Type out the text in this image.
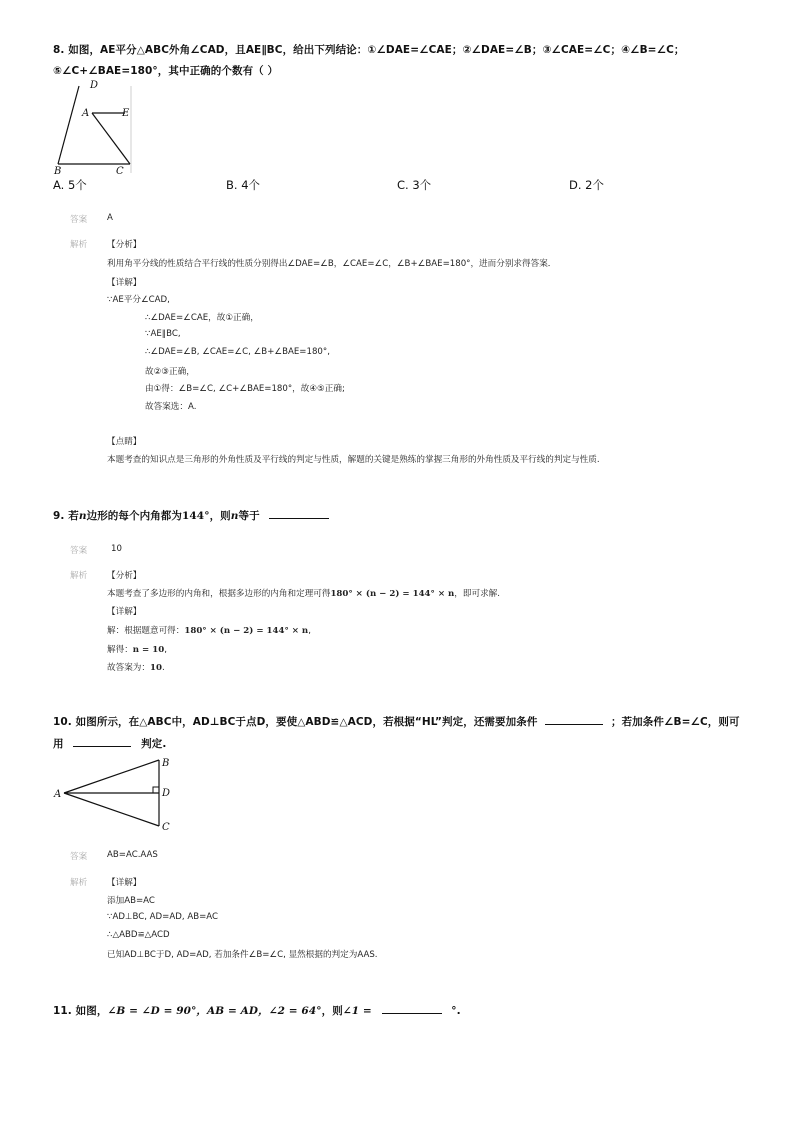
8. 如图，AE平分△ABC外角∠CAD，且AE∥BC，给出下列结论：①∠DAE=∠CAE；②∠DAE=∠B；③∠CAE=∠C；④∠B=∠C；
⑤∠C+∠BAE=180°，其中正确的个数有（ ）
D
A	E
B	C
A. 5个	B. 4个	C. 3个	D. 2个
答案 A
解析 【分析】
利用角平分线的性质结合平行线的性质分别得出∠DAE=∠B，∠CAE=∠C，∠B+∠BAE=180°，进而分别求得答案．
【详解】
∵AE平分∠CAD,
∴∠DAE=∠CAE，故①正确，
∵AE∥BC,
∴∠DAE=∠B, ∠CAE=∠C, ∠B+∠BAE=180°,
故②③正确，
由①得：∠B=∠C, ∠C+∠BAE=180°，故④⑤正确;
故答案选：A.
【点睛】
本题考查的知识点是三角形的外角性质及平行线的判定与性质，解题的关键是熟练的掌握三角形的外角性质及平行线的判定与性质.
9. 若n边形的每个内角都为144°，则n等于
答案	10
解析 【分析】
本题考查了多边形的内角和，根据多边形的内角和定理可得180° × (n − 2) = 144° × n，即可求解.
【详解】
解：根据题意可得：180° × (n − 2) = 144° × n,
解得：n = 10,
故答案为：10.
10. 如图所示，在△ABC中，AD⊥BC于点D，要使△ABD≌△ACD，若根据“HL”判定，还需要加条件	；若加条件∠B=∠C，则可
用	判定.
A
B
D
C
答案 AB=AC.AAS
解析 【详解】
添加AB=AC
∵AD⊥BC, AD=AD, AB=AC
∴△ABD≌△ACD
已知AD⊥BC于D, AD=AD, 若加条件∠B=∠C, 显然根据的判定为AAS.
11. 如图，∠B = ∠D = 90°，AB = AD，∠2 = 64°，则∠1 =	°.
